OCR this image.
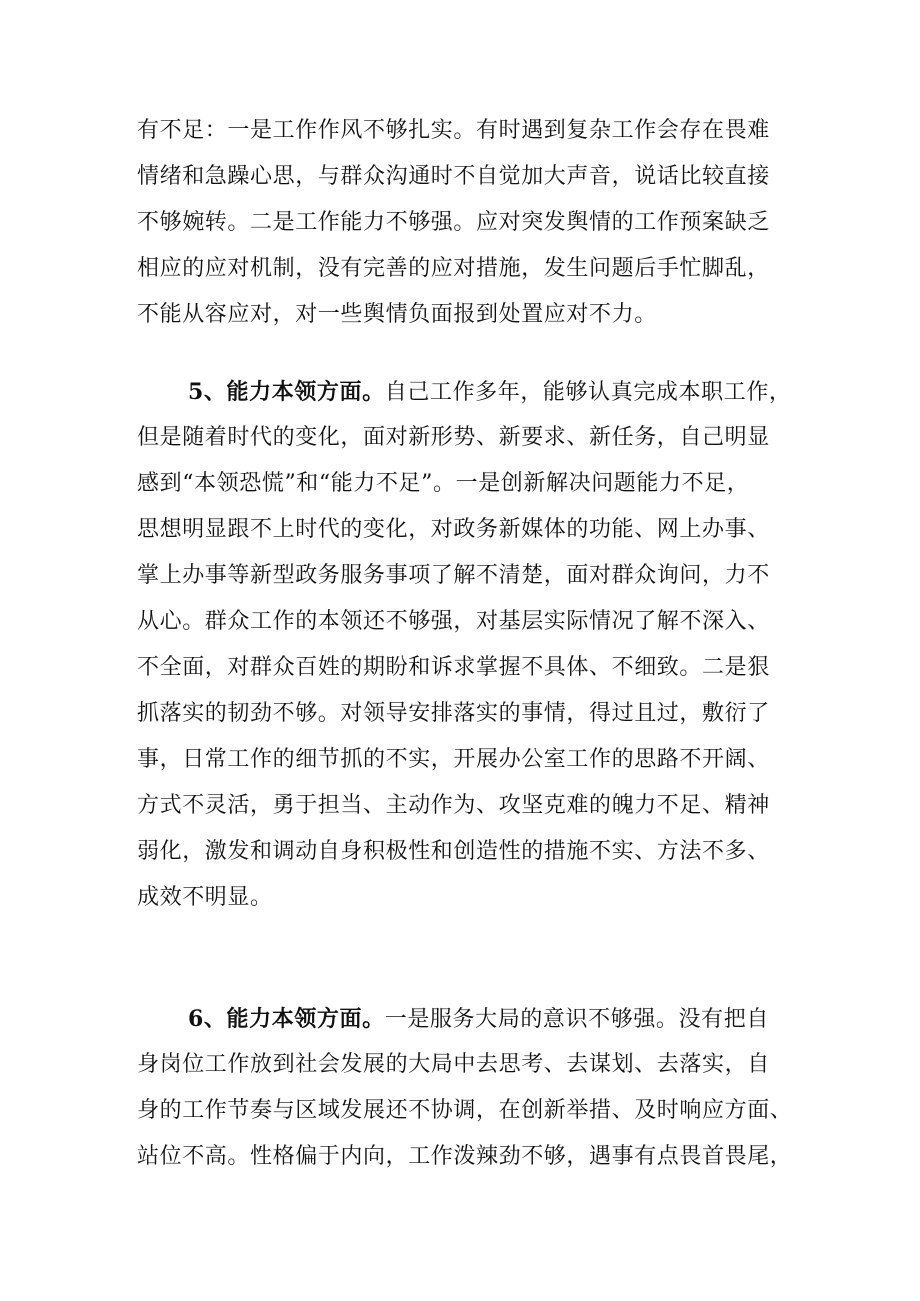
有不足：一是工作作风不够扎实。有时遇到复杂工作会存在畏难
情绪和急躁心思，与群众沟通时不自觉加大声音，说话比较直接
不够婉转。二是工作能力不够强。应对突发舆情的工作预案缺乏
相应的应对机制，没有完善的应对措施，发生问题后手忙脚乱，
不能从容应对，对一些舆情负面报到处置应对不力。
5、能力本领方面。自己工作多年，能够认真完成本职工作，
但是随着时代的变化，面对新形势、新要求、新任务，自己明显
感到“本领恐慌”和“能力不足”。一是创新解决问题能力不足，
思想明显跟不上时代的变化，对政务新媒体的功能、网上办事、
掌上办事等新型政务服务事项了解不清楚，面对群众询问，力不
从心。群众工作的本领还不够强，对基层实际情况了解不深入、
不全面，对群众百姓的期盼和诉求掌握不具体、不细致。二是狠
抓落实的韧劲不够。对领导安排落实的事情，得过且过，敷衍了
事，日常工作的细节抓的不实，开展办公室工作的思路不开阔、
方式不灵活，勇于担当、主动作为、攻坚克难的魄力不足、精神
弱化，激发和调动自身积极性和创造性的措施不实、方法不多、
成效不明显。
6、能力本领方面。一是服务大局的意识不够强。没有把自
身岗位工作放到社会发展的大局中去思考、去谋划、去落实，自
身的工作节奏与区域发展还不协调，在创新举措、及时响应方面、
站位不高。性格偏于内向，工作泼辣劲不够，遇事有点畏首畏尾，
